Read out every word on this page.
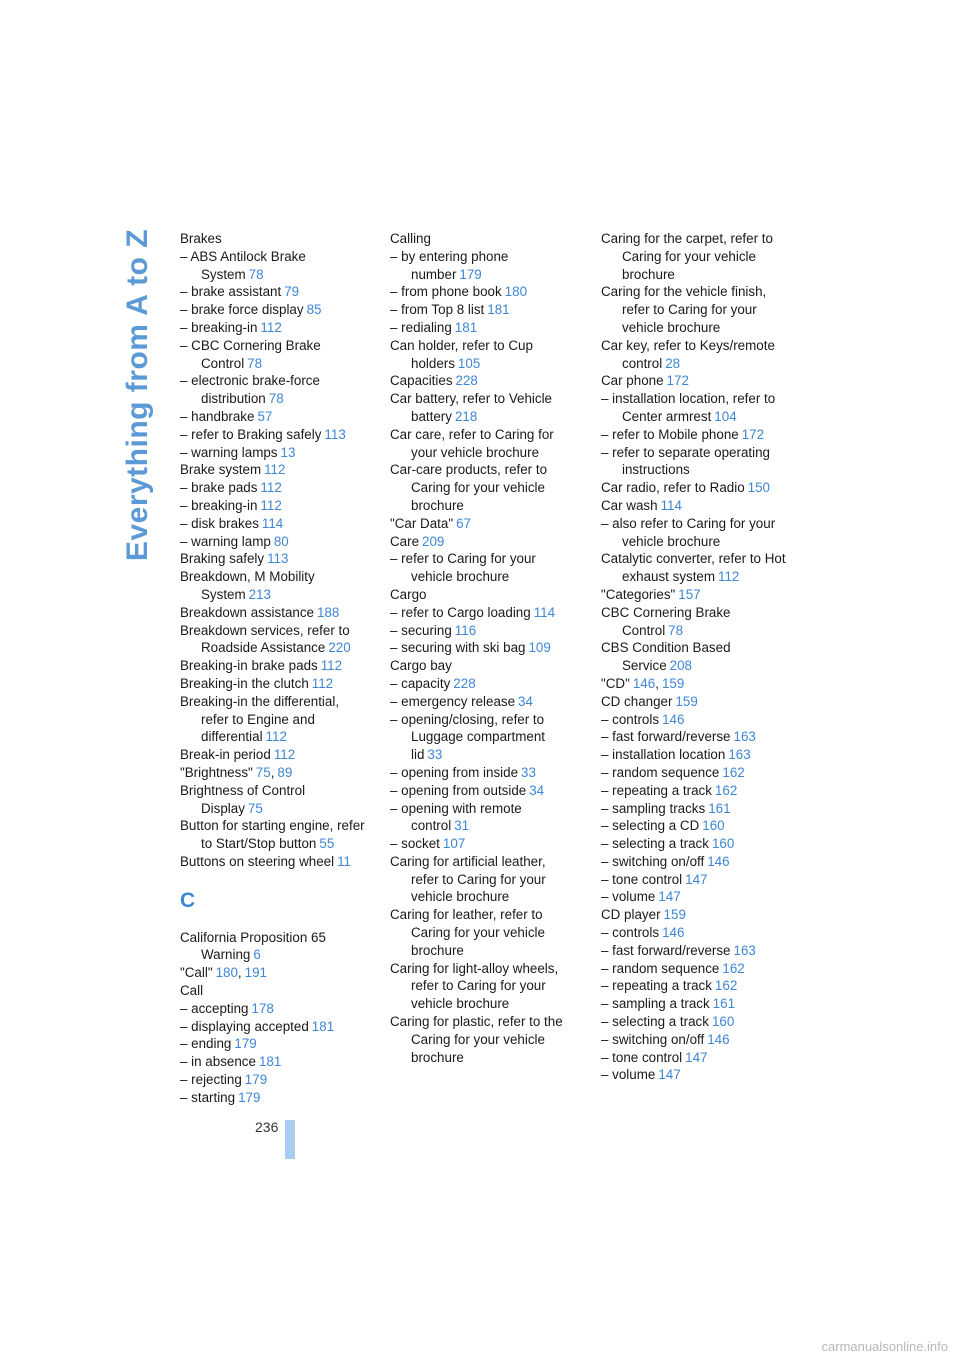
Everything from A to Z Brakes
– ABS Antilock Brake System 78
– brake assistant 79
– brake force display 85
– breaking-in 112
– CBC Cornering Brake Control 78
– electronic brake-force distribution 78
– handbrake 57
– refer to Braking safely 113
– warning lamps 13
Brake system 112
– brake pads 112
– breaking-in 112
– disk brakes 114
– warning lamp 80
Braking safely 113
Breakdown, M Mobility System 213
Breakdown assistance 188
Breakdown services, refer to Roadside Assistance 220
Breaking-in brake pads 112
Breaking-in the clutch 112
Breaking-in the differential, refer to Engine and differential 112
Break-in period 112
"Brightness" 75, 89
Brightness of Control Display 75
Button for starting engine, refer to Start/Stop button 55
Buttons on steering wheel 11
C
California Proposition 65 Warning 6
"Call" 180, 191
Call
– accepting 178
– displaying accepted 181
– ending 179
– in absence 181
– rejecting 179
– starting 179
Calling
– by entering phone number 179
– from phone book 180
– from Top 8 list 181
– redialing 181
Can holder, refer to Cup holders 105
Capacities 228
Car battery, refer to Vehicle battery 218
Car care, refer to Caring for your vehicle brochure
Car-care products, refer to Caring for your vehicle brochure
"Car Data" 67
Care 209
– refer to Caring for your vehicle brochure
Cargo
– refer to Cargo loading 114
– securing 116
– securing with ski bag 109
Cargo bay
– capacity 228
– emergency release 34
– opening/closing, refer to Luggage compartment lid 33
– opening from inside 33
– opening from outside 34
– opening with remote control 31
– socket 107
Caring for artificial leather, refer to Caring for your vehicle brochure
Caring for leather, refer to Caring for your vehicle brochure
Caring for light-alloy wheels, refer to Caring for your vehicle brochure
Caring for plastic, refer to the Caring for your vehicle brochure
Caring for the carpet, refer to Caring for your vehicle brochure
Caring for the vehicle finish, refer to Caring for your vehicle brochure
Car key, refer to Keys/remote control 28
Car phone 172
– installation location, refer to Center armrest 104
– refer to Mobile phone 172
– refer to separate operating instructions
Car radio, refer to Radio 150
Car wash 114
– also refer to Caring for your vehicle brochure
Catalytic converter, refer to Hot exhaust system 112
"Categories" 157
CBC Cornering Brake Control 78
CBS Condition Based Service 208
"CD" 146, 159
CD changer 159
– controls 146
– fast forward/reverse 163
– installation location 163
– random sequence 162
– repeating a track 162
– sampling tracks 161
– selecting a CD 160
– selecting a track 160
– switching on/off 146
– tone control 147
– volume 147
CD player 159
– controls 146
– fast forward/reverse 163
– random sequence 162
– repeating a track 162
– sampling a track 161
– selecting a track 160
– switching on/off 146
– tone control 147
– volume 147
236
carmanualsonline.info
